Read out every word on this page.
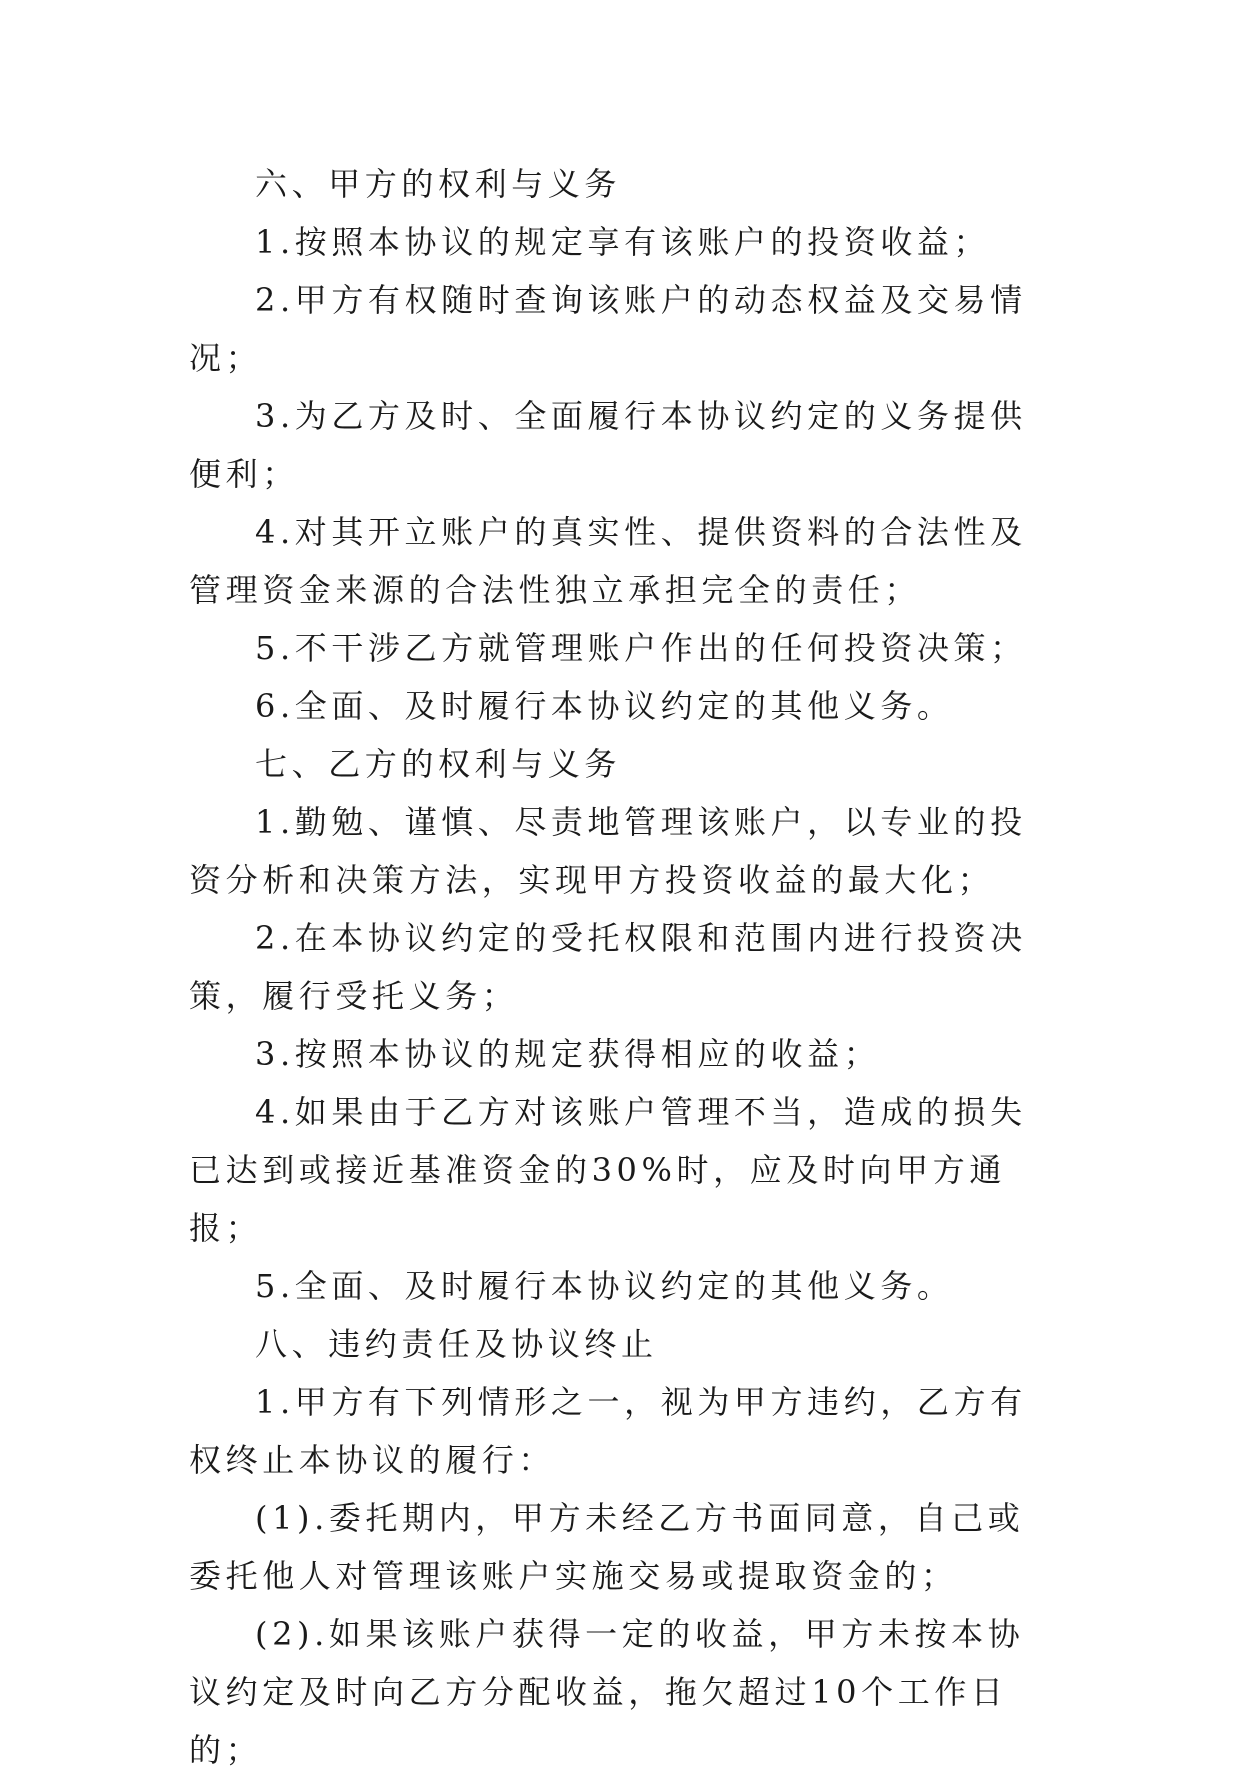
六、甲方的权利与义务

1.按照本协议的规定享有该账户的投资收益；

2.甲方有权随时查询该账户的动态权益及交易情况；

3.为乙方及时、全面履行本协议约定的义务提供便利；

4.对其开立账户的真实性、提供资料的合法性及管理资金来源的合法性独立承担完全的责任；

5.不干涉乙方就管理账户作出的任何投资决策；

6.全面、及时履行本协议约定的其他义务。

七、乙方的权利与义务

1.勤勉、谨慎、尽责地管理该账户，以专业的投资分析和决策方法，实现甲方投资收益的最大化；

2.在本协议约定的受托权限和范围内进行投资决策，履行受托义务；

3.按照本协议的规定获得相应的收益；

4.如果由于乙方对该账户管理不当，造成的损失已达到或接近基准资金的30%时，应及时向甲方通报；

5.全面、及时履行本协议约定的其他义务。

八、违约责任及协议终止

1.甲方有下列情形之一，视为甲方违约，乙方有权终止本协议的履行：

(1).委托期内，甲方未经乙方书面同意，自己或委托他人对管理该账户实施交易或提取资金的；

(2).如果该账户获得一定的收益，甲方未按本协议约定及时向乙方分配收益，拖欠超过10个工作日的；
